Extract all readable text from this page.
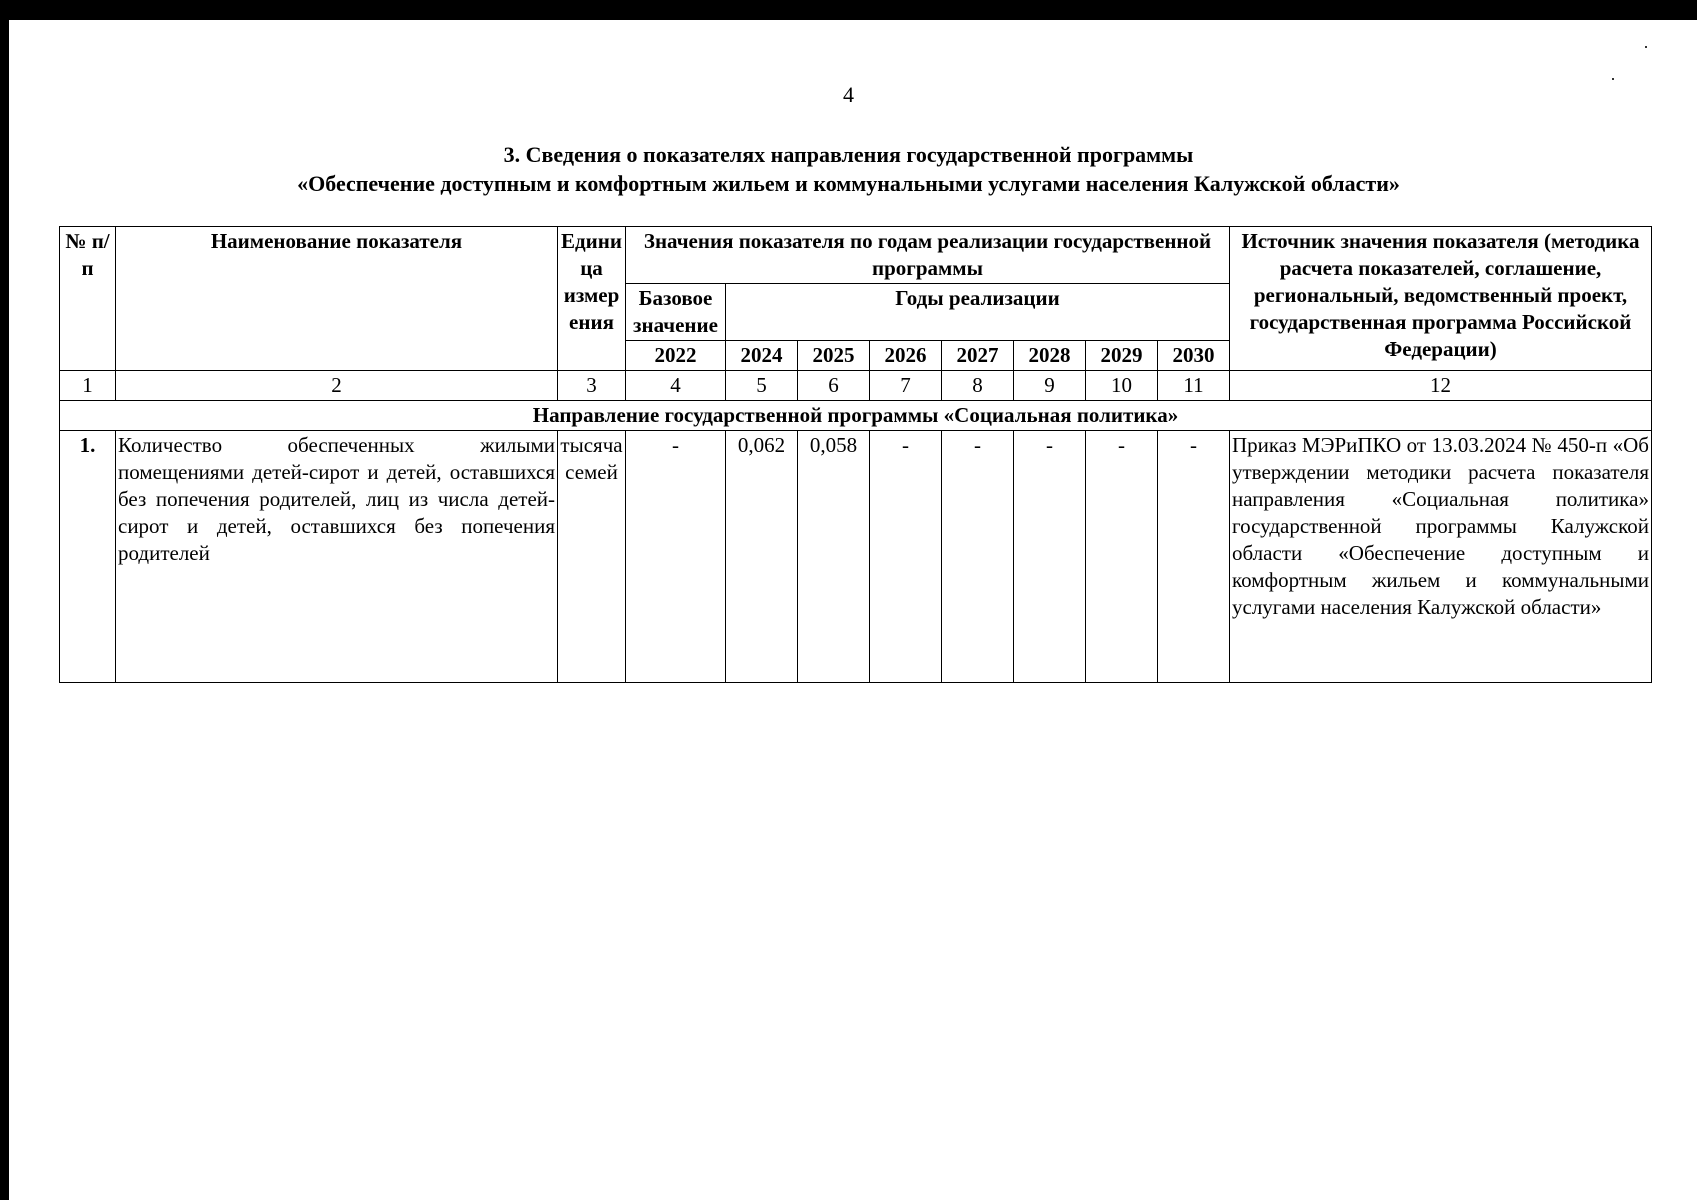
4
3. Сведения о показателях направления государственной программы
«Обеспечение доступным и комфортным жильем и коммунальными услугами населения Калужской области»
№ п/п	Наименование показателя	Едини ца измер ения	Значения показателя по годам реализации государственной программы								Источник значения показателя (методика расчета показателей, соглашение, региональный, ведомственный проект, государственная программа Российской Федерации)
			Базовое значение	Годы реализации							
			2022	2024	2025	2026	2027	2028	2029	2030	
1	2	3	4	5	6	7	8	9	10	11	12
Направление государственной программы «Социальная политика»											
1.	Количество обеспеченных жилыми помещениями детей-сирот и детей, оставшихся без попечения родителей, лиц из числа детей-сирот и детей, оставшихся без попечения родителей	тысяча семей	-	0,062	0,058	-	-	-	-	-	Приказ МЭРиПКО от 13.03.2024 № 450-п «Об утверждении методики расчета показателя направления «Социальная политика» государственной программы Калужской области «Обеспечение доступным и комфортным жильем и коммунальными услугами населения Калужской области»
